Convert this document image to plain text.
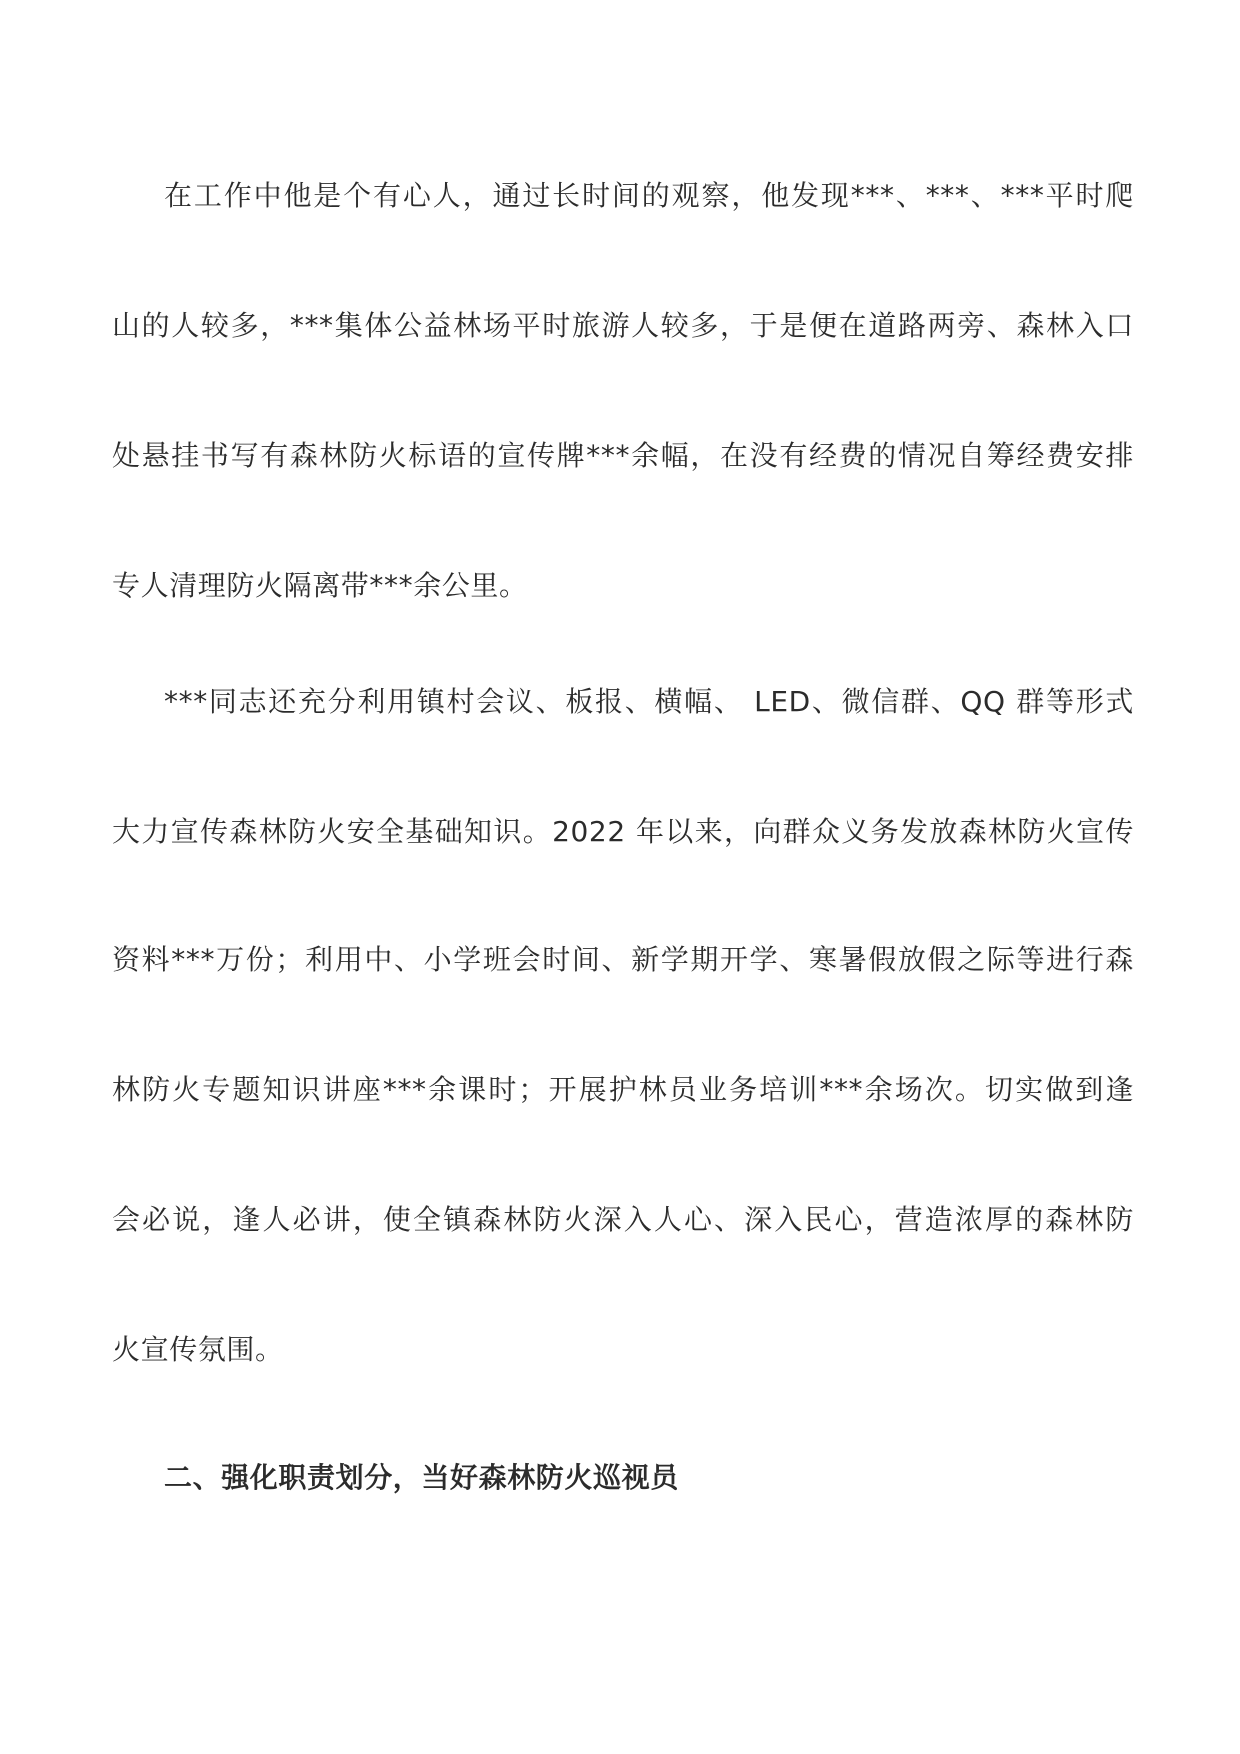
在工作中他是个有心人，通过长时间的观察，他发现***、***、***平时爬
山的人较多，***集体公益林场平时旅游人较多，于是便在道路两旁、森林入口
处悬挂书写有森林防火标语的宣传牌***余幅，在没有经费的情况自筹经费安排
专人清理防火隔离带***余公里。
***同志还充分利用镇村会议、板报、横幅、 LED、微信群、QQ 群等形式
大力宣传森林防火安全基础知识。2022 年以来，向群众义务发放森林防火宣传
资料***万份；利用中、小学班会时间、新学期开学、寒暑假放假之际等进行森
林防火专题知识讲座***余课时；开展护林员业务培训***余场次。切实做到逢
会必说，逢人必讲，使全镇森林防火深入人心、深入民心，营造浓厚的森林防
火宣传氛围。
二、强化职责划分，当好森林防火巡视员
